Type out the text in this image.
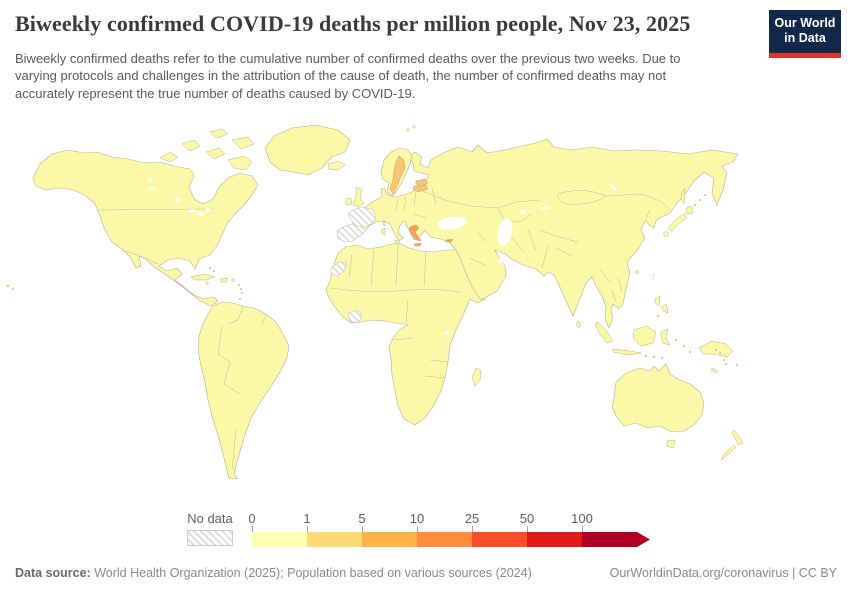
Biweekly confirmed COVID-19 deaths per million people, Nov 23, 2025

Biweekly confirmed deaths refer to the cumulative number of confirmed deaths over the previous two weeks. Due to varying protocols and challenges in the attribution of the cause of death, the number of confirmed deaths may not accurately represent the true number of deaths caused by COVID-19.

Our World
in Data
No data 0	1	5	10	25	50	100
Data source: World Health Organization (2025); Population based on various sources (2024)	OurWorldinData.org/coronavirus | CC BY
